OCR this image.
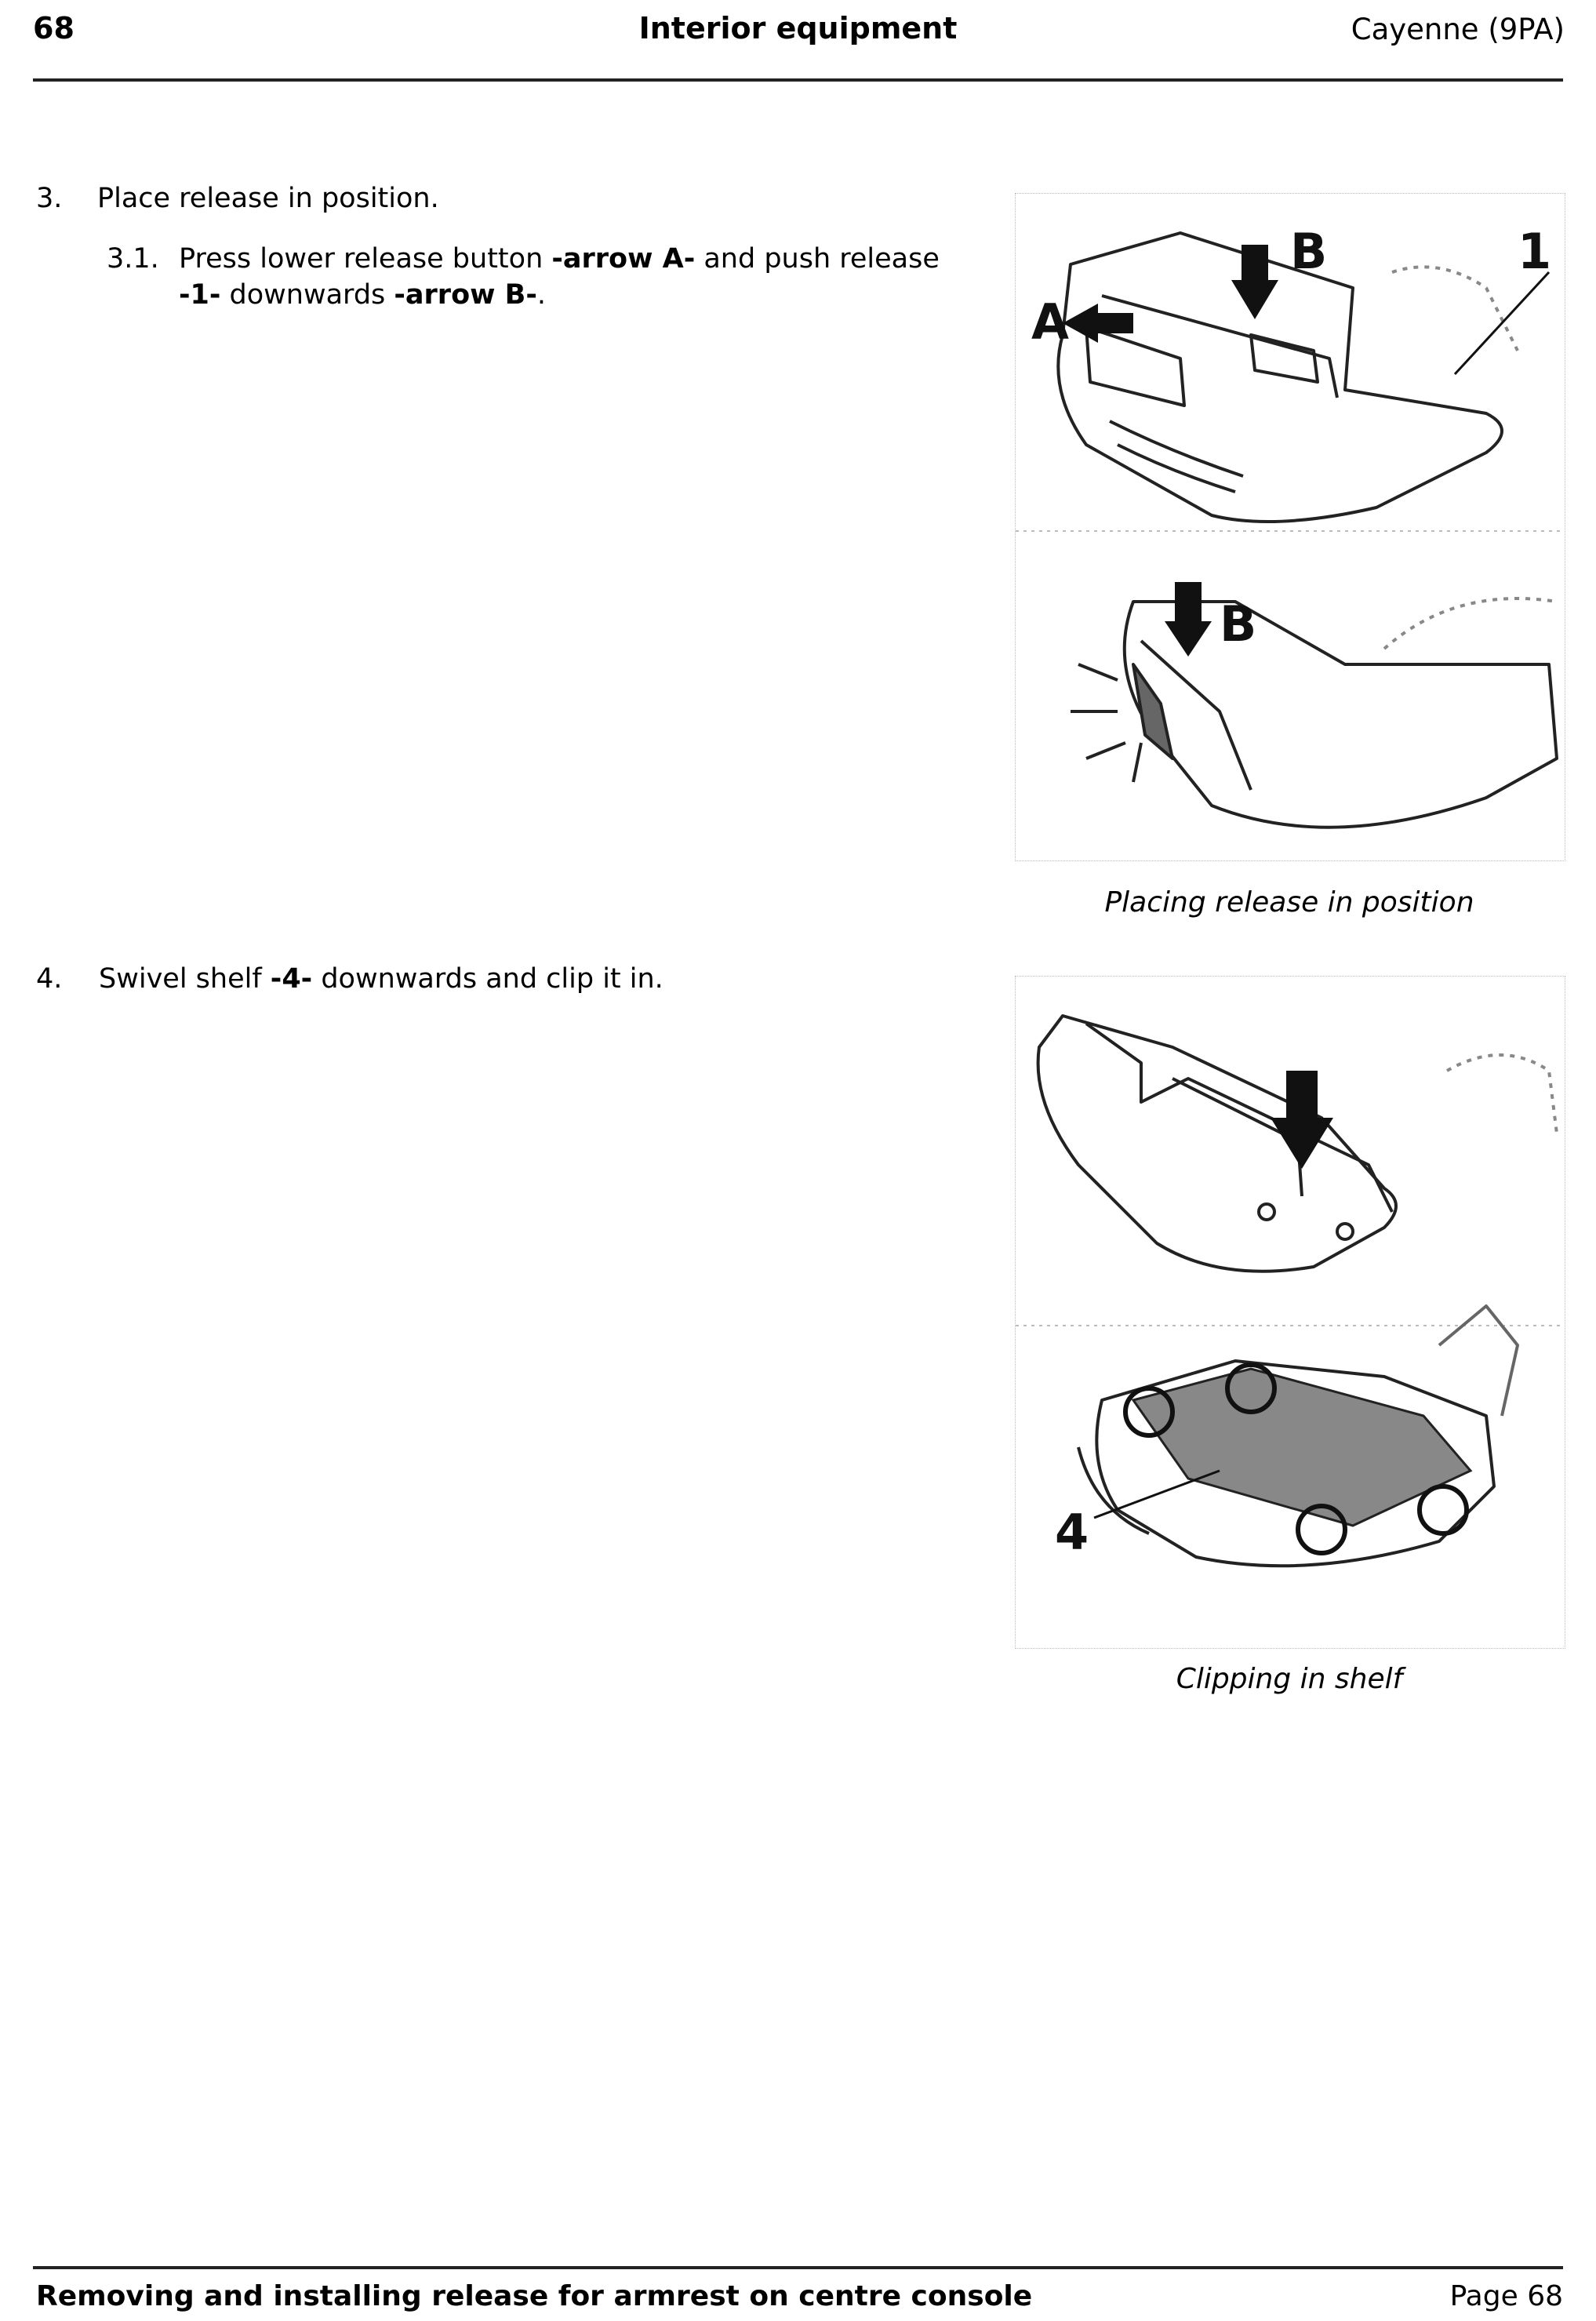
68	Interior equipment	Cayenne (9PA)
3. Place release in position.
3.1. Press lower release button -arrow A- and push release -1- downwards -arrow B-.
4. Swivel shelf -4- downwards and clip it in.
A
B	1
B
Placing release in position
4
Clipping in shelf
Removing and installing release for armrest on centre console	Page 68
